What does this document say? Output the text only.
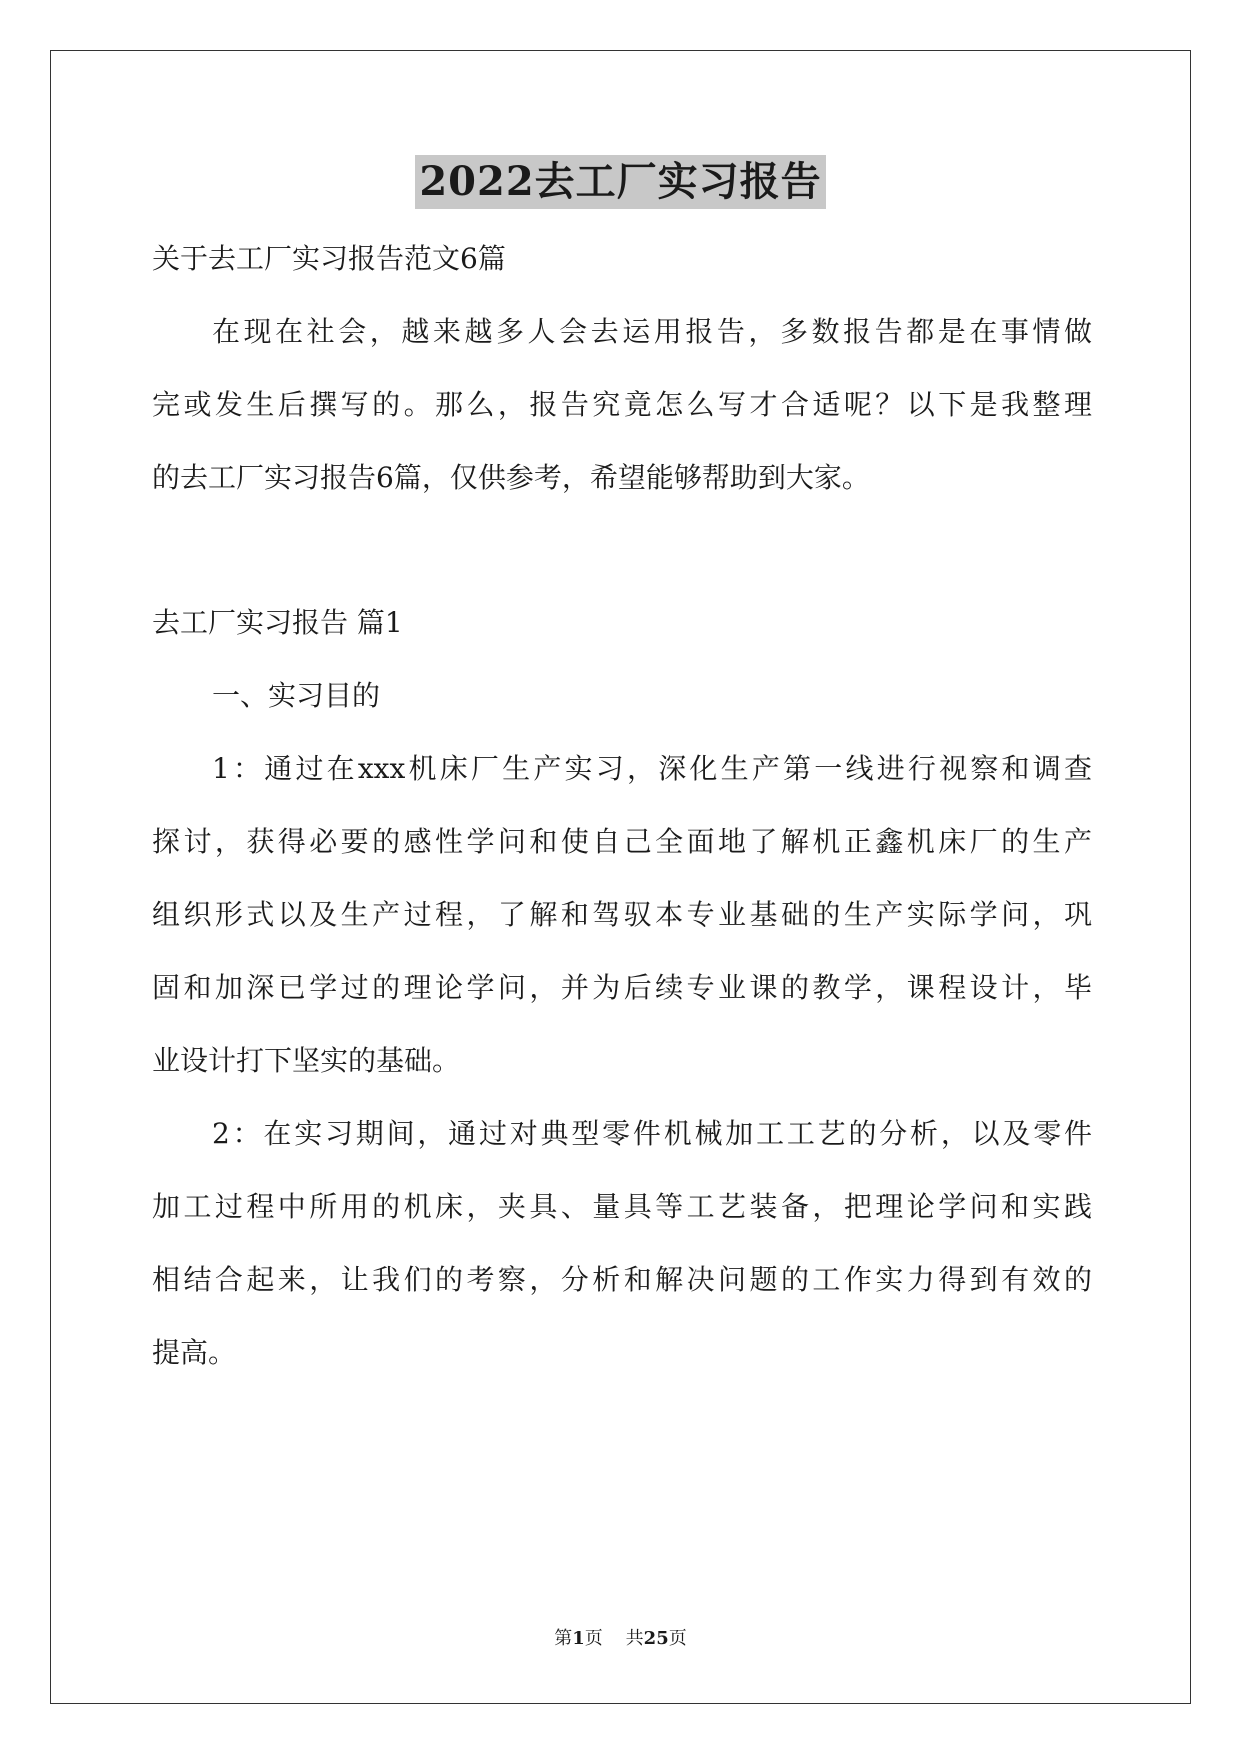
2022去工厂实习报告
关于去工厂实习报告范文6篇
在现在社会，越来越多人会去运用报告，多数报告都是在事情做
完或发生后撰写的。那么，报告究竟怎么写才合适呢？以下是我整理
的去工厂实习报告6篇，仅供参考，希望能够帮助到大家。
去工厂实习报告 篇1
一、实习目的
1：通过在xxx机床厂生产实习，深化生产第一线进行视察和调查
探讨，获得必要的感性学问和使自己全面地了解机正鑫机床厂的生产
组织形式以及生产过程，了解和驾驭本专业基础的生产实际学问，巩
固和加深已学过的理论学问，并为后续专业课的教学，课程设计，毕
业设计打下坚实的基础。
2：在实习期间，通过对典型零件机械加工工艺的分析，以及零件
加工过程中所用的机床，夹具、量具等工艺装备，把理论学问和实践
相结合起来，让我们的考察，分析和解决问题的工作实力得到有效的
提高。
第1页    共25页
